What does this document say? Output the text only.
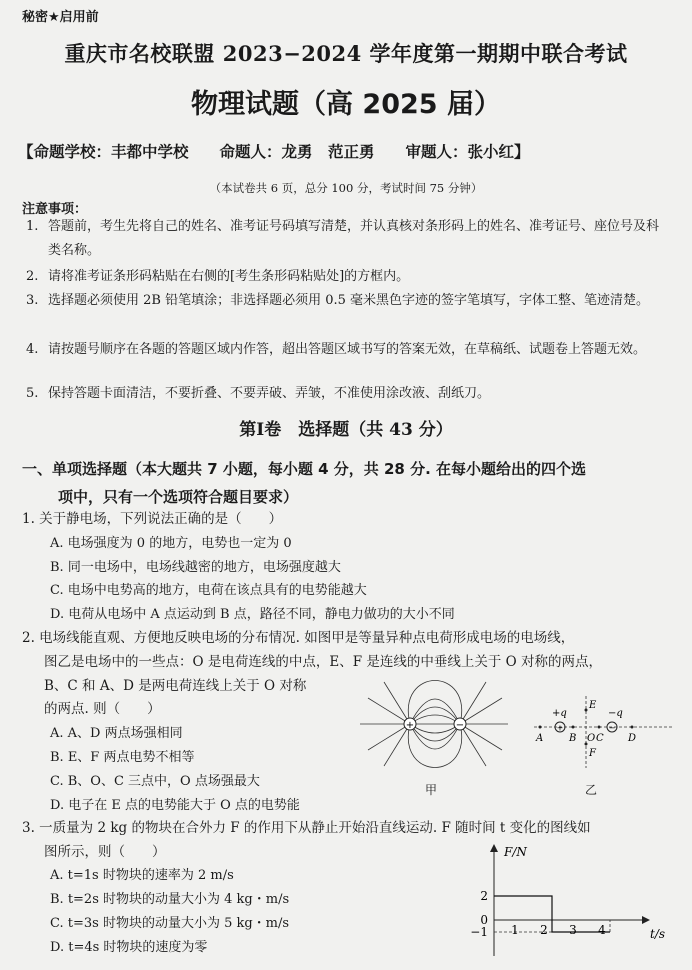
秘密★启用前
重庆市名校联盟 2023−2024 学年度第一期期中联合考试
物理试题（高 2025 届）
【命题学校：丰都中学校　　命题人：龙勇　范正勇　　审题人：张小红】
（本试卷共 6 页，总分 100 分，考试时间 75 分钟）
注意事项：
1. 答题前，考生先将自己的姓名、准考证号码填写清楚，并认真核对条形码上的姓名、准考证号、座位号及科类名称。
2. 请将准考证条形码粘贴在右侧的[考生条形码粘贴处]的方框内。
3. 选择题必须使用 2B 铅笔填涂；非选择题必须用 0.5 毫米黑色字迹的签字笔填写，字体工整、笔迹清楚。
4. 请按题号顺序在各题的答题区域内作答，超出答题区域书写的答案无效，在草稿纸、试题卷上答题无效。
5. 保持答题卡面清洁，不要折叠、不要弄破、弄皱，不准使用涂改液、刮纸刀。
第Ⅰ卷　选择题（共 43 分）
一、单项选择题（本大题共 7 小题，每小题 4 分，共 28 分. 在每小题给出的四个选
项中，只有一个选项符合题目要求）
1. 关于静电场，下列说法正确的是（　　）
A. 电场强度为 0 的地方，电势也一定为 0
B. 同一电场中，电场线越密的地方，电场强度越大
C. 电场中电势高的地方，电荷在该点具有的电势能越大
D. 电荷从电场中 A 点运动到 B 点，路径不同，静电力做功的大小不同
2. 电场线能直观、方便地反映电场的分布情况. 如图甲是等量异种点电荷形成电场的电场线，
图乙是电场中的一些点：O 是电荷连线的中点，E、F 是连线的中垂线上关于 O 对称的两点，
B、C 和 A、D 是两电荷连线上关于 O 对称
的两点. 则（　　）
A. A、D 两点场强相同
B. E、F 两点电势不相等
C. B、O、C 三点中，O 点场强最大
D. 电子在 E 点的电势能大于 O 点的电势能
+	−
甲
+	−
+q	−q
E
F
A	B O C D
乙
3. 一质量为 2 kg 的物块在合外力 F 的作用下从静止开始沿直线运动. F 随时间 t 变化的图线如
图所示，则（　　）
A. t=1s 时物块的速率为 2 m/s
B. t=2s 时物块的动量大小为 4 kg・m/s
C. t=3s 时物块的动量大小为 5 kg・m/s
D. t=4s 时物块的速度为零
1 2 3 4
2
0
−1
F/N
t/s
